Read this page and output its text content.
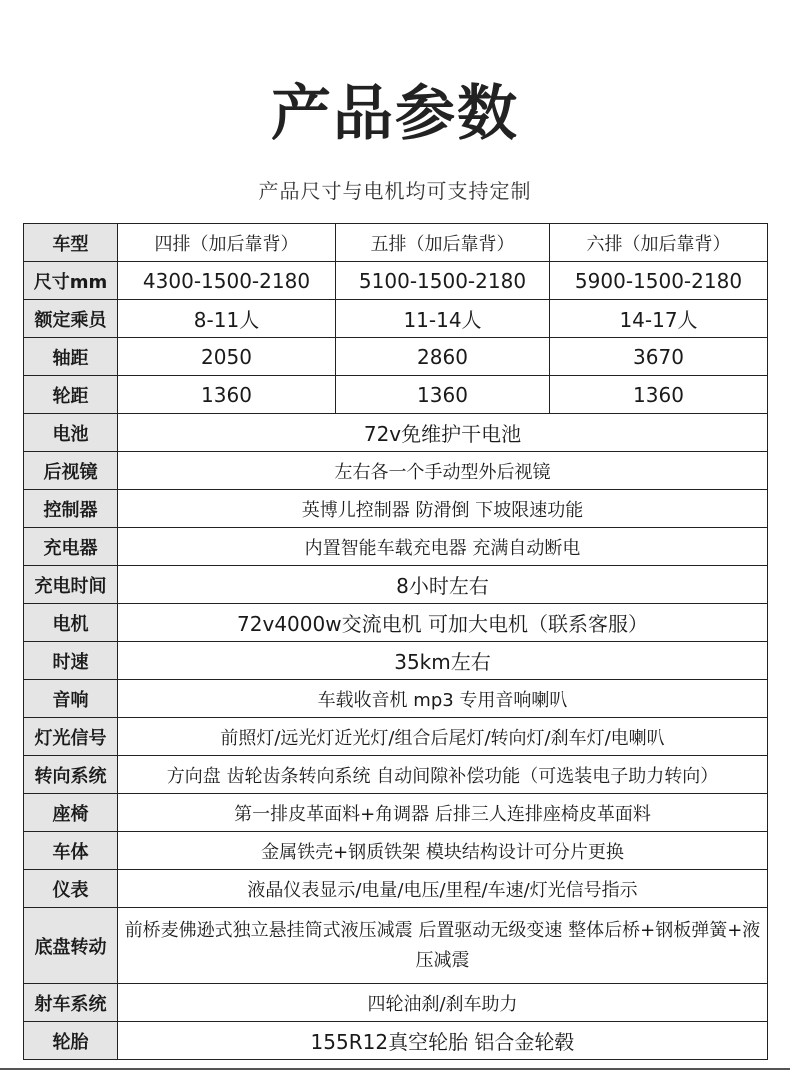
产品参数
产品尺寸与电机均可支持定制
车型	四排（加后靠背）	五排（加后靠背）	六排（加后靠背）
尺寸mm	4300-1500-2180	5100-1500-2180	5900-1500-2180
额定乘员	8-11人	11-14人	14-17人
轴距	2050	2860	3670
轮距	1360	1360	1360
电池	72v免维护干电池		
后视镜	左右各一个手动型外后视镜		
控制器	英博儿控制器 防滑倒 下坡限速功能		
充电器	内置智能车载充电器 充满自动断电		
充电时间	8小时左右		
电机	72v4000w交流电机 可加大电机（联系客服）		
时速	35km左右		
音响	车载收音机 mp3 专用音响喇叭		
灯光信号	前照灯/远光灯近光灯/组合后尾灯/转向灯/刹车灯/电喇叭		
转向系统	方向盘 齿轮齿条转向系统 自动间隙补偿功能（可选装电子助力转向）		
座椅	第一排皮革面料+角调器 后排三人连排座椅皮革面料		
车体	金属铁壳+钢质铁架 模块结构设计可分片更换		
仪表	液晶仪表显示/电量/电压/里程/车速/灯光信号指示		
底盘转动	前桥麦佛逊式独立悬挂筒式液压减震 后置驱动无级变速 整体后桥+钢板弹簧+液压减震		
射车系统	四轮油刹/刹车助力		
轮胎	155R12真空轮胎 铝合金轮毂		
